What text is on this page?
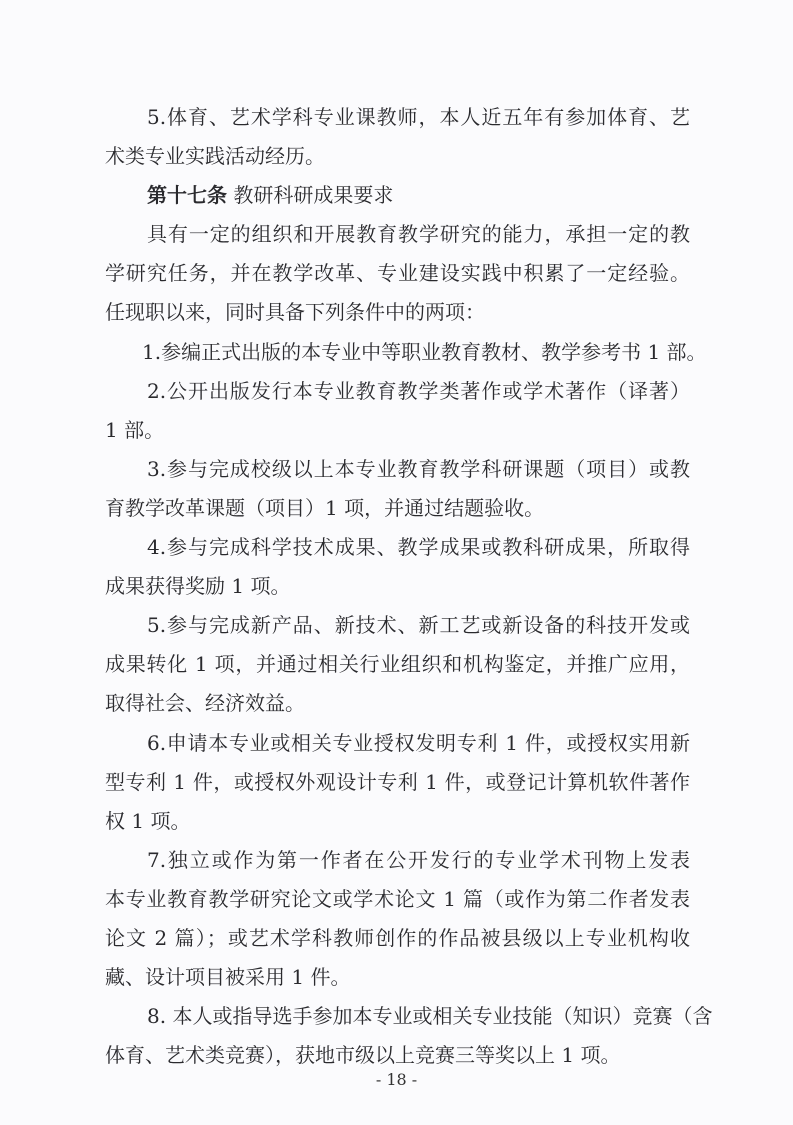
5.体育、艺术学科专业课教师，本人近五年有参加体育、艺
术类专业实践活动经历。
第十七条 教研科研成果要求
具有一定的组织和开展教育教学研究的能力，承担一定的教
学研究任务，并在教学改革、专业建设实践中积累了一定经验。
任现职以来，同时具备下列条件中的两项：
1.参编正式出版的本专业中等职业教育教材、教学参考书 1 部。
2.公开出版发行本专业教育教学类著作或学术著作（译著）
1 部。
3.参与完成校级以上本专业教育教学科研课题（项目）或教
育教学改革课题（项目）1 项，并通过结题验收。
4.参与完成科学技术成果、教学成果或教科研成果，所取得
成果获得奖励 1 项。
5.参与完成新产品、新技术、新工艺或新设备的科技开发或
成果转化 1 项，并通过相关行业组织和机构鉴定，并推广应用，
取得社会、经济效益。
6.申请本专业或相关专业授权发明专利 1 件，或授权实用新
型专利 1 件，或授权外观设计专利 1 件，或登记计算机软件著作
权 1 项。
7.独立或作为第一作者在公开发行的专业学术刊物上发表
本专业教育教学研究论文或学术论文 1 篇（或作为第二作者发表
论文 2 篇）；或艺术学科教师创作的作品被县级以上专业机构收
藏、设计项目被采用 1 件。
8. 本人或指导选手参加本专业或相关专业技能（知识）竞赛（含
体育、艺术类竞赛），获地市级以上竞赛三等奖以上 1 项。
- 18 -
